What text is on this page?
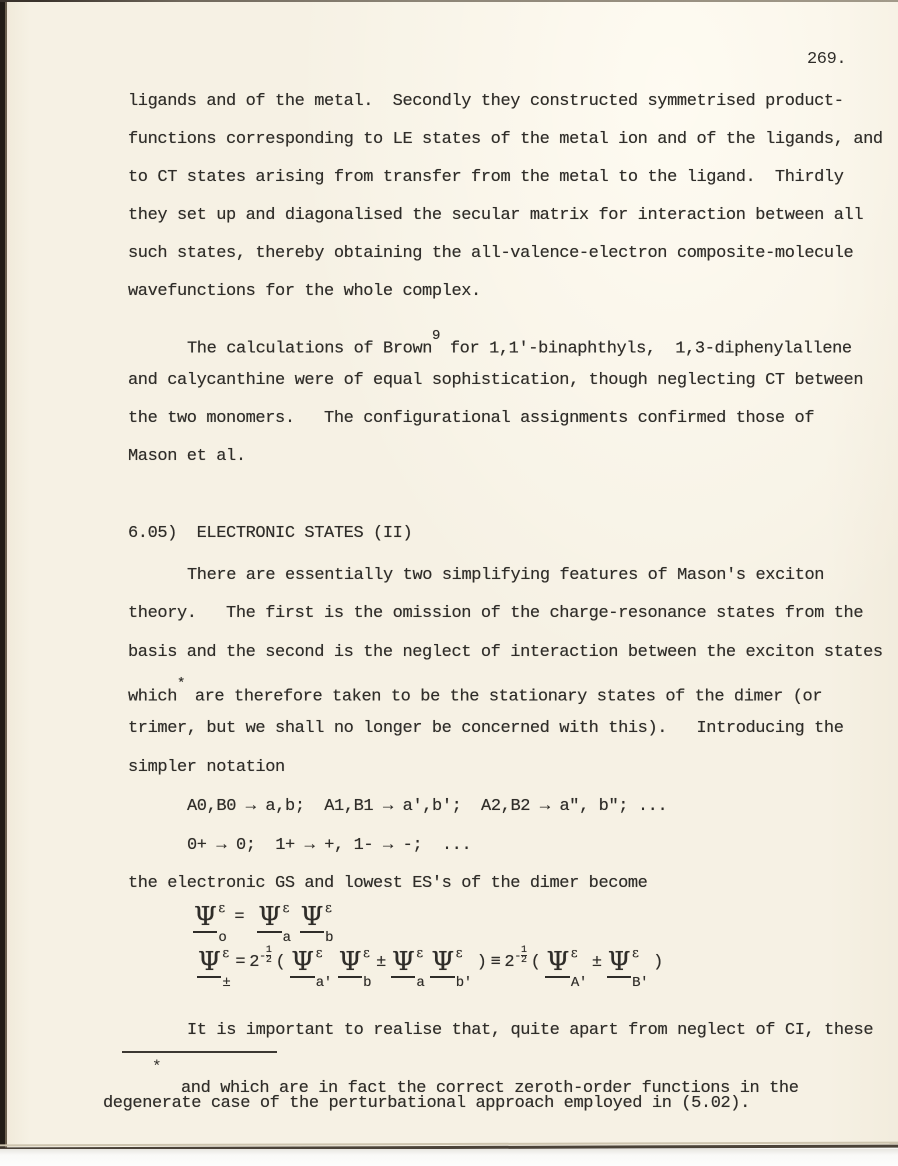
269.
ligands and of the metal.  Secondly they constructed symmetrised product-
functions corresponding to LE states of the metal ion and of the ligands, and
to CT states arising from transfer from the metal to the ligand.  Thirdly
they set up and diagonalised the secular matrix for interaction between all
such states, thereby obtaining the all-valence-electron composite-molecule
wavefunctions for the whole complex.
The calculations of Brown$^9$ for 1,1'-binaphthyls,  1,3-diphenylallene
and calycanthine were of equal sophistication, though neglecting CT between
the two monomers.   The configurational assignments confirmed those of
Mason et al.
6.05)  ELECTRONIC STATES (II)
There are essentially two simplifying features of Mason's exciton
theory.   The first is the omission of the charge-resonance states from the
basis and the second is the neglect of interaction between the exciton states
which* are therefore taken to be the stationary states of the dimer (or
trimer, but we shall no longer be concerned with this).   Introducing the
simpler notation
A0,B0 → a,b;  A1,B1 → a',b';  A2,B2 → a", b"; ...
0+ → 0;  1+ → +, 1- → -;  ...
the electronic GS and lowest ES's of the dimer become
Ψ ε
o
= Ψ ε
a
Ψ ε
b
Ψ ε
±
= $2 - \frac{1}{2}$ ( Ψ ε
a'
Ψ ε
b
± Ψ ε
a
Ψ ε
b'
) ≡ $2 - \frac{1}{2}$ ( Ψ ε
A'
± Ψ ε
B'
)
It is important to realise that, quite apart from neglect of CI, these
*
and which are in fact the correct zeroth-order functions in the
degenerate case of the perturbational approach employed in (5.02).
